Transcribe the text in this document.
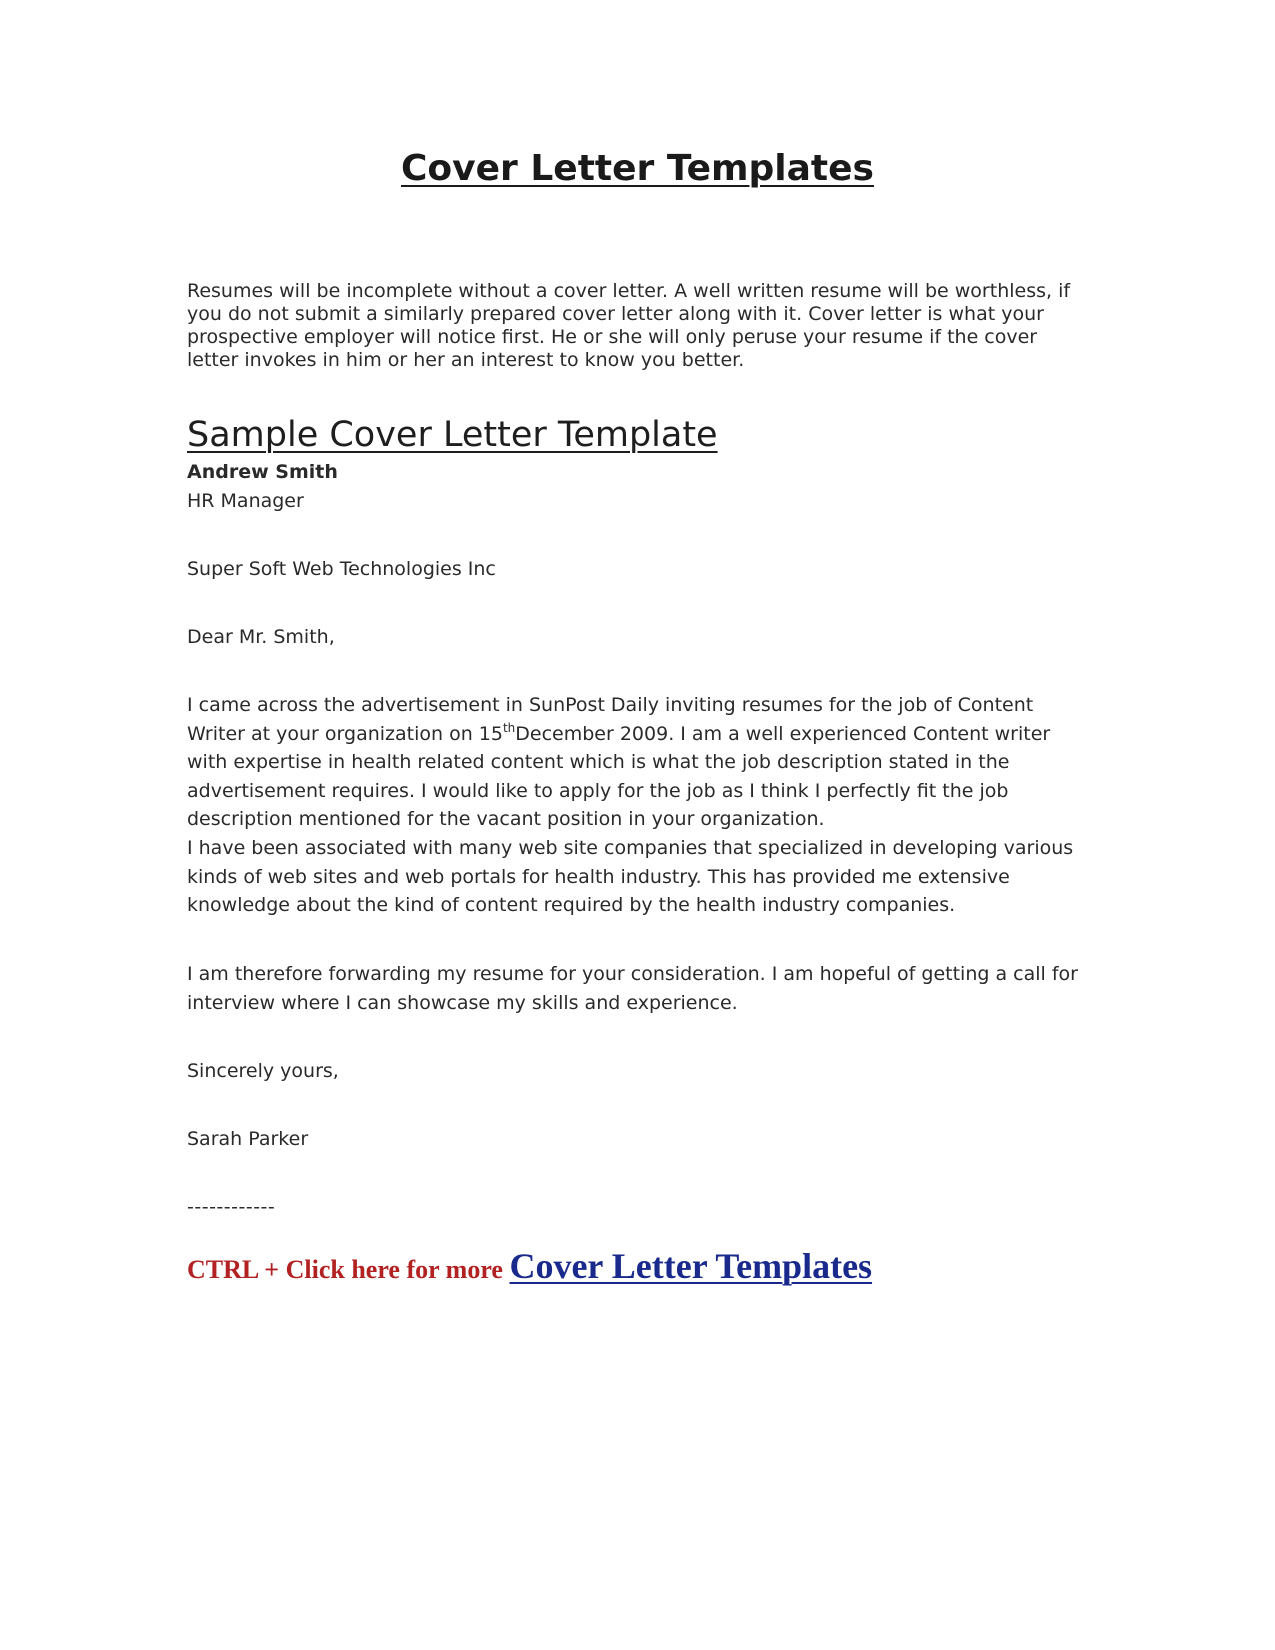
Cover Letter Templates

Resumes will be incomplete without a cover letter. A well written resume will be worthless, if you do not submit a similarly prepared cover letter along with it. Cover letter is what your prospective employer will notice first. He or she will only peruse your resume if the cover letter invokes in him or her an interest to know you better.

Sample Cover Letter Template

Andrew Smith

HR Manager

Super Soft Web Technologies Inc

Dear Mr. Smith,

I came across the advertisement in SunPost Daily inviting resumes for the job of Content Writer at your organization on 15thDecember 2009. I am a well experienced Content writer with expertise in health related content which is what the job description stated in the advertisement requires. I would like to apply for the job as I think I perfectly fit the job description mentioned for the vacant position in your organization.

I have been associated with many web site companies that specialized in developing various kinds of web sites and web portals for health industry. This has provided me extensive knowledge about the kind of content required by the health industry companies.

I am therefore forwarding my resume for your consideration. I am hopeful of getting a call for interview where I can showcase my skills and experience.

Sincerely yours,

Sarah Parker

------------

CTRL + Click here for more Cover Letter Templates
